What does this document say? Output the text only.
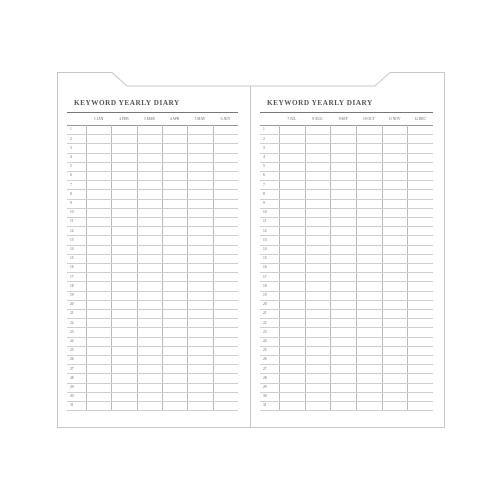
KEYWORD YEARLY DIARY
1 JAN	2 FEB	3 MAR	4 APR	5 MAY	6 JUN
1
2
3
4
5
6
7
8
9
10
11
12
13
14
15
16
17
18
19
20
21
22
23
24
25
26
27
28
29
30
31
KEYWORD YEARLY DIARY
7 JUL	8 AUG	9 SEP	10 OCT	11 NOV	12 DEC
1
2
3
4
5
6
7
8
9
10
11
12
13
14
15
16
17
18
19
20
21
22
23
24
25
26
27
28
29
30
31
